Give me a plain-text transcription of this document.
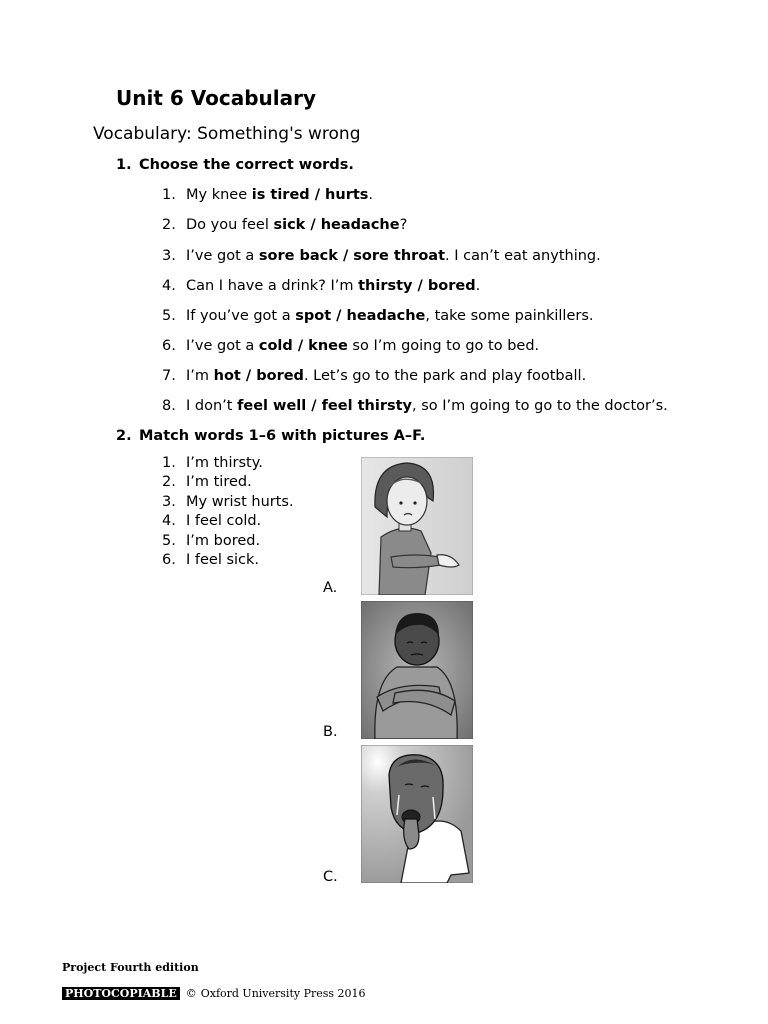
Unit 6 Vocabulary
Vocabulary: Something's wrong
1. Choose the correct words.
1. My knee is tired / hurts.
2. Do you feel sick / headache?
3. I’ve got a sore back / sore throat. I can’t eat anything.
4. Can I have a drink? I’m thirsty / bored.
5. If you’ve got a spot / headache, take some painkillers.
6. I’ve got a cold / knee so I’m going to go to bed.
7. I’m hot / bored. Let’s go to the park and play football.
8. I don’t feel well / feel thirsty, so I’m going to go to the doctor’s.
2. Match words 1–6 with pictures A–F.
1. I’m thirsty.
2. I’m tired.
3. My wrist hurts.
4. I feel cold.
5. I’m bored.
6. I feel sick.
A.
B.
C.
Project Fourth edition
PHOTOCOPIABLE © Oxford University Press 2016
